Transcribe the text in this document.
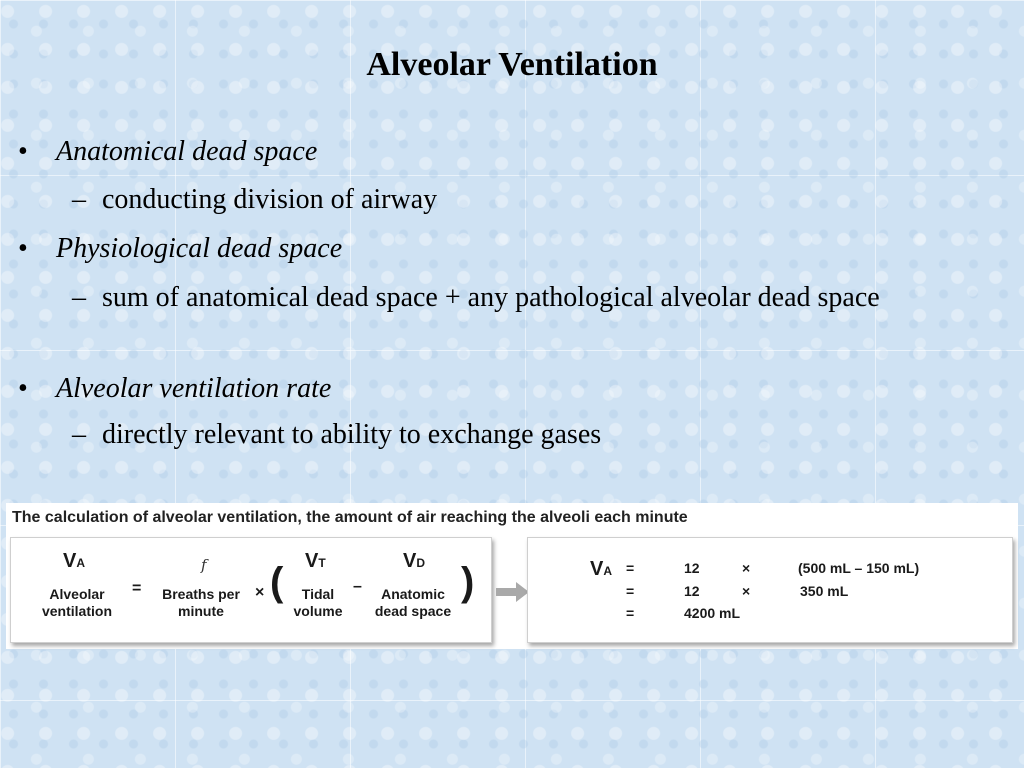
Alveolar Ventilation
•	Anatomical dead space
– conducting division of airway
•	Physiological dead space
– sum of anatomical dead space + any pathological alveolar dead space
•	Alveolar ventilation rate
– directly relevant to ability to exchange gases
The calculation of alveolar ventilation, the amount of air reaching the alveoli each minute
VA
Alveolar ventilation
=
f
Breaths per minute
× ( VT
Tidal volume
–
VD
Anatomic dead space
)	VA =	12	×	(500 mL – 150 mL)
=	12	×	350 mL
=	4200 mL
